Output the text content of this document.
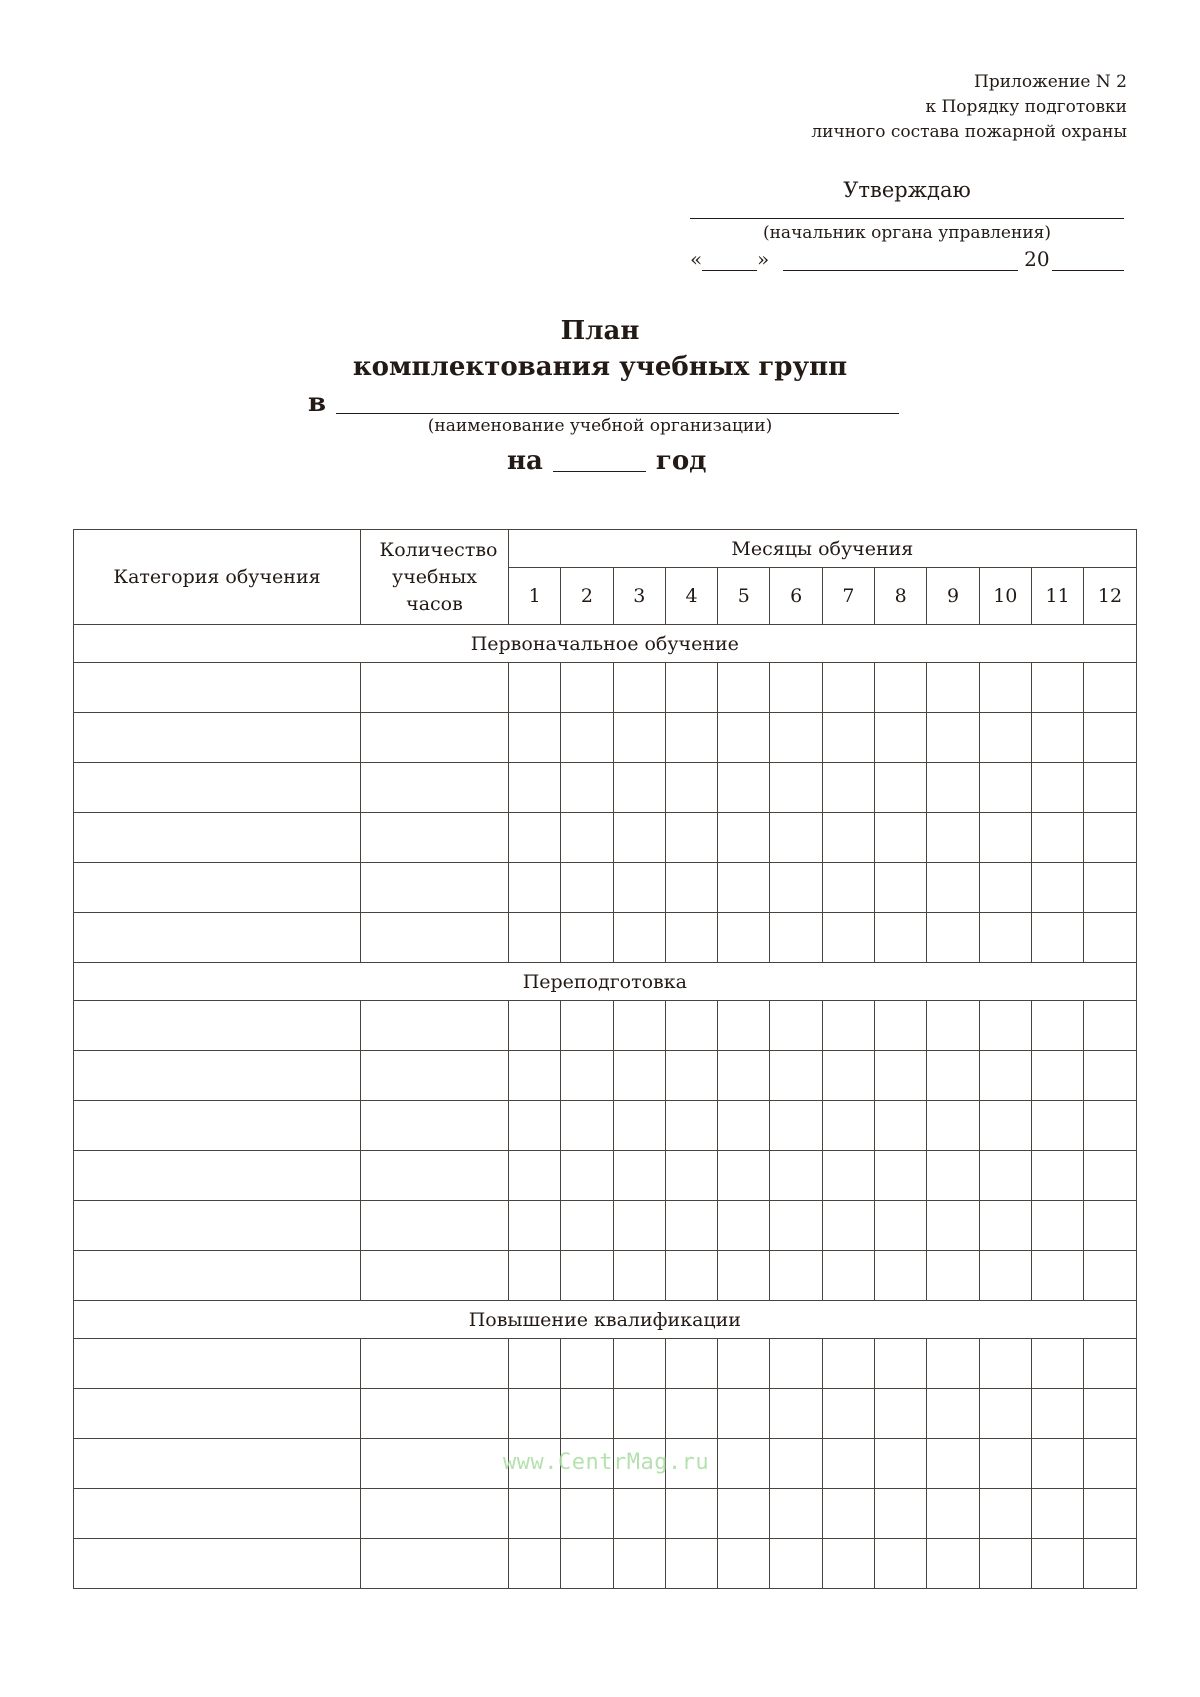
Приложение N 2
к Порядку подготовки
личного состава пожарной охраны
Утверждаю
(начальник органа управления)
«	»	20
План
комплектования учебных групп
в
(наименование учебной организации)
на	год
Категория обучения	Количество учебных часов	Месяцы обучения											
		1	2	3	4	5	6	7	8	9	10	11	12
Первоначальное обучение													

Переподготовка													

Повышение квалификации													

www.CentrMag.ru
